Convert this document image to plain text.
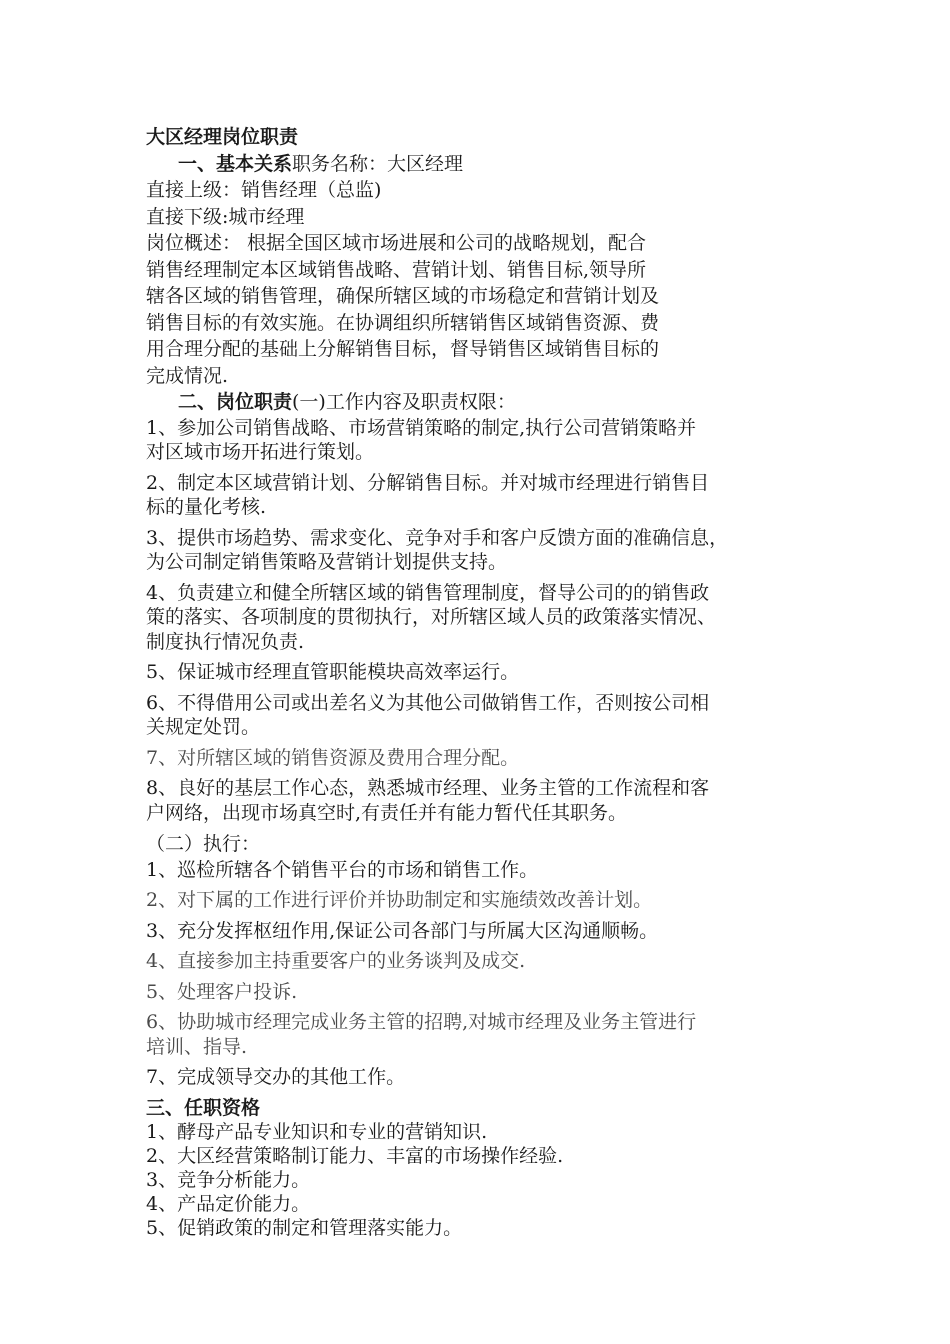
大区经理岗位职责
一、基本关系职务名称：大区经理
直接上级：销售经理（总监)
直接下级:城市经理
岗位概述： 根据全国区域市场进展和公司的战略规划，配合
销售经理制定本区域销售战略、营销计划、销售目标,领导所
辖各区域的销售管理，确保所辖区域的市场稳定和营销计划及
销售目标的有效实施。在协调组织所辖销售区域销售资源、费
用合理分配的基础上分解销售目标，督导销售区域销售目标的
完成情况.
二、岗位职责(一)工作内容及职责权限：
1、参加公司销售战略、市场营销策略的制定,执行公司营销策略并
对区域市场开拓进行策划。
2、制定本区域营销计划、分解销售目标。并对城市经理进行销售目
标的量化考核.
3、提供市场趋势、需求变化、竞争对手和客户反馈方面的准确信息，
为公司制定销售策略及营销计划提供支持。
4、负责建立和健全所辖区域的销售管理制度，督导公司的的销售政
策的落实、各项制度的贯彻执行，对所辖区域人员的政策落实情况、
制度执行情况负责.
5、保证城市经理直管职能模块高效率运行。
6、不得借用公司或出差名义为其他公司做销售工作，否则按公司相
关规定处罚。
7、对所辖区域的销售资源及费用合理分配。
8、良好的基层工作心态，熟悉城市经理、业务主管的工作流程和客
户网络，出现市场真空时,有责任并有能力暂代任其职务。
（二）执行：
1、巡检所辖各个销售平台的市场和销售工作。
2、对下属的工作进行评价并协助制定和实施绩效改善计划。
3、充分发挥枢纽作用,保证公司各部门与所属大区沟通顺畅。
4、直接参加主持重要客户的业务谈判及成交.
5、处理客户投诉.
6、协助城市经理完成业务主管的招聘,对城市经理及业务主管进行
培训、指导.
7、完成领导交办的其他工作。
三、任职资格
1、酵母产品专业知识和专业的营销知识.
2、大区经营策略制订能力、丰富的市场操作经验.
3、竞争分析能力。
4、产品定价能力。
5、促销政策的制定和管理落实能力。
